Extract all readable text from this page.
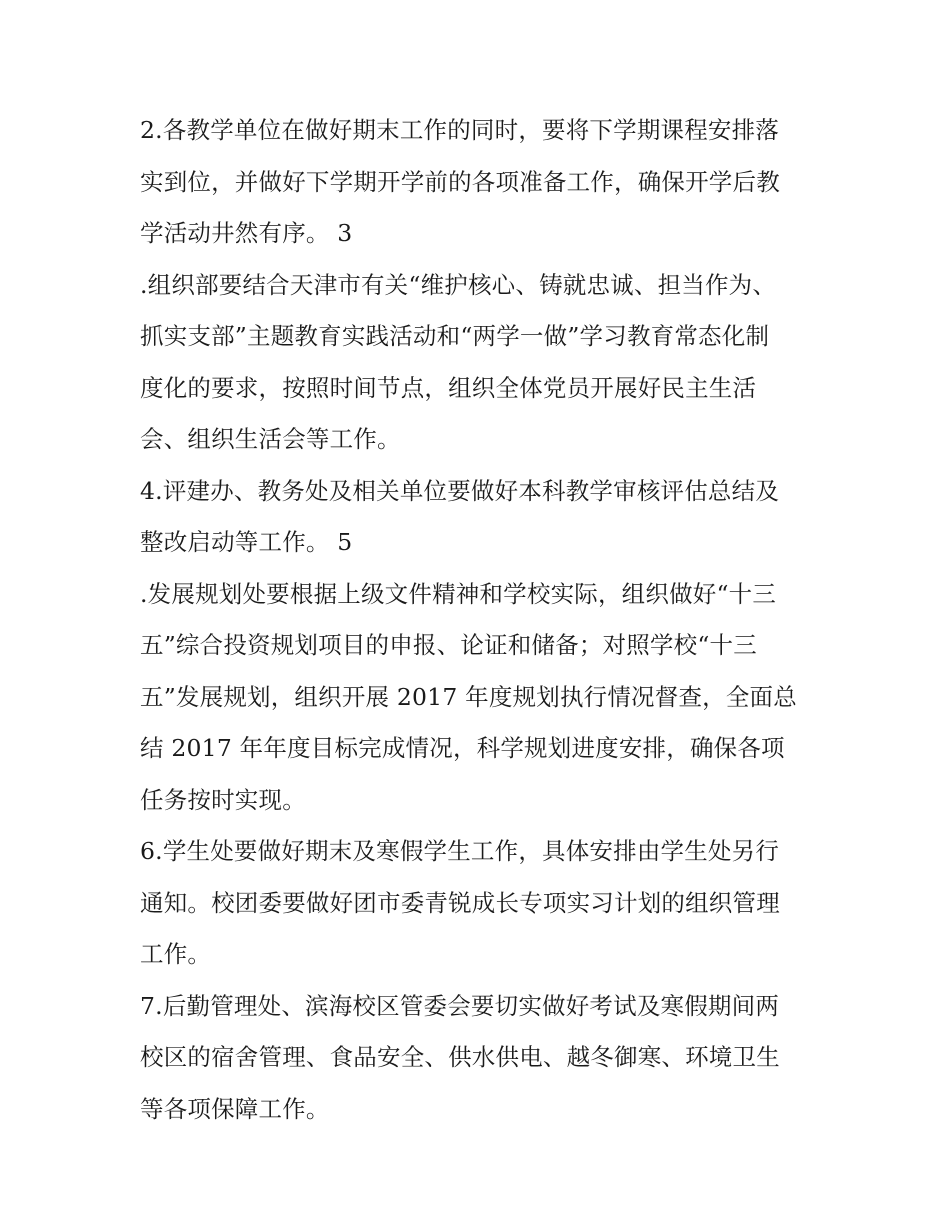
2.各教学单位在做好期末工作的同时，要将下学期课程安排落
实到位，并做好下学期开学前的各项准备工作，确保开学后教
学活动井然有序。 3
.组织部要结合天津市有关“维护核心、铸就忠诚、担当作为、
抓实支部”主题教育实践活动和“两学一做”学习教育常态化制
度化的要求，按照时间节点，组织全体党员开展好民主生活
会、组织生活会等工作。
4.评建办、教务处及相关单位要做好本科教学审核评估总结及
整改启动等工作。 5
.发展规划处要根据上级文件精神和学校实际，组织做好“十三
五”综合投资规划项目的申报、论证和储备；对照学校“十三
五”发展规划，组织开展 2017 年度规划执行情况督查，全面总
结 2017 年年度目标完成情况，科学规划进度安排，确保各项
任务按时实现。
6.学生处要做好期末及寒假学生工作，具体安排由学生处另行
通知。校团委要做好团市委青锐成长专项实习计划的组织管理
工作。
7.后勤管理处、滨海校区管委会要切实做好考试及寒假期间两
校区的宿舍管理、食品安全、供水供电、越冬御寒、环境卫生
等各项保障工作。
